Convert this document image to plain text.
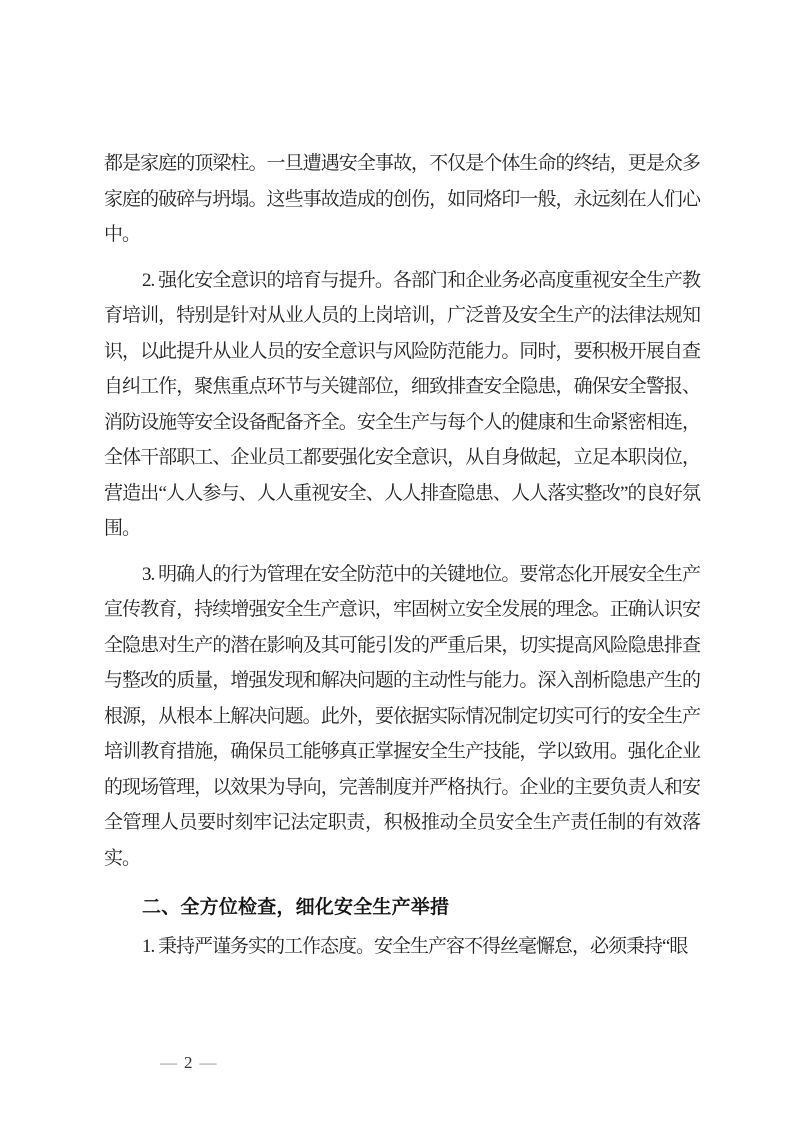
都是家庭的顶梁柱。一旦遭遇安全事故，不仅是个体生命的终结，更是众多家庭的破碎与坍塌。这些事故造成的创伤，如同烙印一般，永远刻在人们心中。

2. 强化安全意识的培育与提升。各部门和企业务必高度重视安全生产教育培训，特别是针对从业人员的上岗培训，广泛普及安全生产的法律法规知识，以此提升从业人员的安全意识与风险防范能力。同时，要积极开展自查自纠工作，聚焦重点环节与关键部位，细致排查安全隐患，确保安全警报、消防设施等安全设备配备齐全。安全生产与每个人的健康和生命紧密相连，全体干部职工、企业员工都要强化安全意识，从自身做起，立足本职岗位，营造出“人人参与、人人重视安全、人人排查隐患、人人落实整改”的良好氛围。

3. 明确人的行为管理在安全防范中的关键地位。要常态化开展安全生产宣传教育，持续增强安全生产意识，牢固树立安全发展的理念。正确认识安全隐患对生产的潜在影响及其可能引发的严重后果，切实提高风险隐患排查与整改的质量，增强发现和解决问题的主动性与能力。深入剖析隐患产生的根源，从根本上解决问题。此外，要依据实际情况制定切实可行的安全生产培训教育措施，确保员工能够真正掌握安全生产技能，学以致用。强化企业的现场管理，以效果为导向，完善制度并严格执行。企业的主要负责人和安全管理人员要时刻牢记法定职责，积极推动全员安全生产责任制的有效落实。

二、全方位检查，细化安全生产举措

1. 秉持严谨务实的工作态度。安全生产容不得丝毫懈怠，必须秉持“眼

— 2 —
